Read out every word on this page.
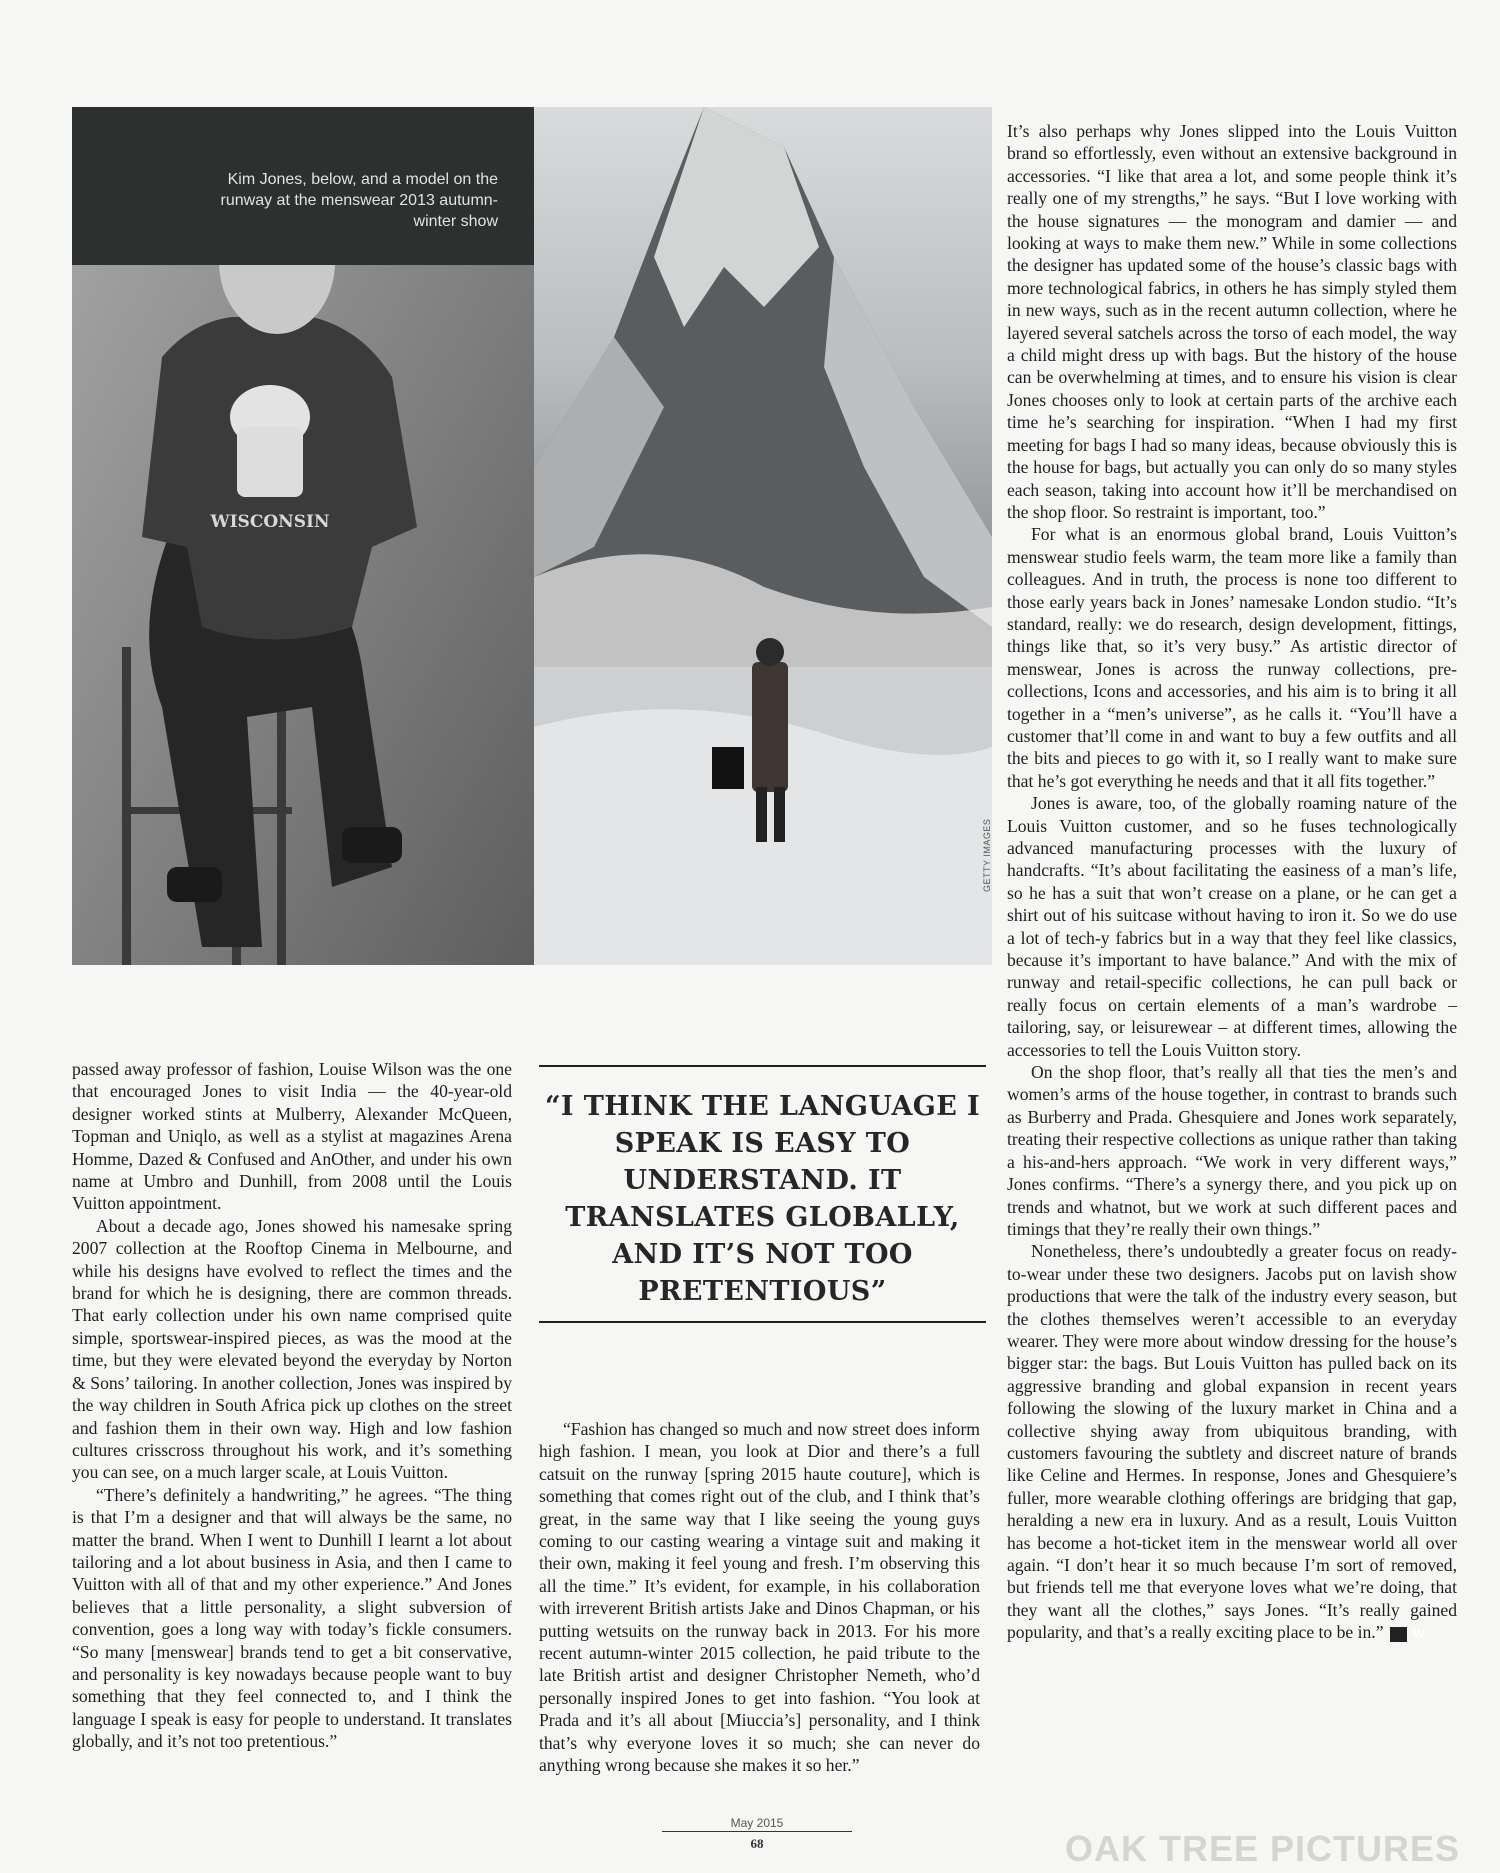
WISCONSIN
Kim Jones, below, and a model on the runway at the menswear 2013 autumn-winter show
GETTY IMAGES

It’s also perhaps why Jones slipped into the Louis Vuitton brand so effortlessly, even without an extensive background in accessories. “I like that area a lot, and some people think it’s really one of my strengths,” he says. “But I love working with the house signatures — the monogram and damier — and looking at ways to make them new.” While in some collections the designer has updated some of the house’s classic bags with more technological fabrics, in others he has simply styled them in new ways, such as in the recent autumn collection, where he layered several satchels across the torso of each model, the way a child might dress up with bags. But the history of the house can be overwhelming at times, and to ensure his vision is clear Jones chooses only to look at certain parts of the archive each time he’s searching for inspiration. “When I had my first meeting for bags I had so many ideas, because obviously this is the house for bags, but actually you can only do so many styles each season, taking into account how it’ll be merchandised on the shop floor. So restraint is important, too.”

For what is an enormous global brand, Louis Vuitton’s menswear studio feels warm, the team more like a family than colleagues. And in truth, the process is none too different to those early years back in Jones’ namesake London studio. “It’s standard, really: we do research, design development, fittings, things like that, so it’s very busy.” As artistic director of menswear, Jones is across the runway collections, pre-collections, Icons and accessories, and his aim is to bring it all together in a “men’s universe”, as he calls it. “You’ll have a customer that’ll come in and want to buy a few outfits and all the bits and pieces to go with it, so I really want to make sure that he’s got everything he needs and that it all fits together.”

Jones is aware, too, of the globally roaming nature of the Louis Vuitton customer, and so he fuses technologically advanced manufacturing processes with the luxury of handcrafts. “It’s about facilitating the easiness of a man’s life, so he has a suit that won’t crease on a plane, or he can get a shirt out of his suitcase without having to iron it. So we do use a lot of tech-y fabrics but in a way that they feel like classics, because it’s important to have balance.” And with the mix of runway and retail-specific collections, he can pull back or really focus on certain elements of a man’s wardrobe – tailoring, say, or leisurewear – at different times, allowing the accessories to tell the Louis Vuitton story.

On the shop floor, that’s really all that ties the men’s and women’s arms of the house together, in contrast to brands such as Burberry and Prada. Ghesquiere and Jones work separately, treating their respective collections as unique rather than taking a his-and-hers approach. “We work in very different ways,” Jones confirms. “There’s a synergy there, and you pick up on trends and whatnot, but we work at such different paces and timings that they’re really their own things.”

Nonetheless, there’s undoubtedly a greater focus on ready-to-wear under these two designers. Jacobs put on lavish show productions that were the talk of the industry every season, but the clothes themselves weren’t accessible to an everyday wearer. They were more about window dressing for the house’s bigger star: the bags. But Louis Vuitton has pulled back on its aggressive branding and global expansion in recent years following the slowing of the luxury market in China and a collective shying away from ubiquitous branding, with customers favouring the subtlety and discreet nature of brands like Celine and Hermes. In response, Jones and Ghesquiere’s fuller, more wearable clothing offerings are bridging that gap, heralding a new era in luxury. And as a result, Louis Vuitton has become a hot-ticket item in the menswear world all over again. “I don’t hear it so much because I’m sort of removed, but friends tell me that everyone loves what we’re doing, that they want all the clothes,” says Jones. “It’s really gained popularity, and that’s a really exciting place to be in.”	W

passed away professor of fashion, Louise Wilson was the one that encouraged Jones to visit India — the 40-year-old designer worked stints at Mulberry, Alexander McQueen, Topman and Uniqlo, as well as a stylist at magazines Arena Homme, Dazed & Confused and AnOther, and under his own name at Umbro and Dunhill, from 2008 until the Louis Vuitton appointment.

About a decade ago, Jones showed his namesake spring 2007 collection at the Rooftop Cinema in Melbourne, and while his designs have evolved to reflect the times and the brand for which he is designing, there are common threads. That early collection under his own name comprised quite simple, sportswear-inspired pieces, as was the mood at the time, but they were elevated beyond the everyday by Norton & Sons’ tailoring. In another collection, Jones was inspired by the way children in South Africa pick up clothes on the street and fashion them in their own way. High and low fashion cultures crisscross throughout his work, and it’s something you can see, on a much larger scale, at Louis Vuitton.

“There’s definitely a handwriting,” he agrees. “The thing is that I’m a designer and that will always be the same, no matter the brand. When I went to Dunhill I learnt a lot about tailoring and a lot about business in Asia, and then I came to Vuitton with all of that and my other experience.” And Jones believes that a little personality, a slight subversion of convention, goes a long way with today’s fickle consumers. “So many [menswear] brands tend to get a bit conservative, and personality is key nowadays because people want to buy something that they feel connected to, and I think the language I speak is easy for people to understand. It translates globally, and it’s not too pretentious.”

“I THINK THE LANGUAGE I SPEAK IS EASY TO UNDERSTAND. IT TRANSLATES GLOBALLY, AND IT’S NOT TOO PRETENTIOUS”

“Fashion has changed so much and now street does inform high fashion. I mean, you look at Dior and there’s a full catsuit on the runway [spring 2015 haute couture], which is something that comes right out of the club, and I think that’s great, in the same way that I like seeing the young guys coming to our casting wearing a vintage suit and making it their own, making it feel young and fresh. I’m observing this all the time.” It’s evident, for example, in his collaboration with irreverent British artists Jake and Dinos Chapman, or his putting wetsuits on the runway back in 2013. For his more recent autumn-winter 2015 collection, he paid tribute to the late British artist and designer Christopher Nemeth, who’d personally inspired Jones to get into fashion. “You look at Prada and it’s all about [Miuccia’s] personality, and I think that’s why everyone loves it so much; she can never do anything wrong because she makes it so her.”

May 2015
68	OAK TREE PICTURES
